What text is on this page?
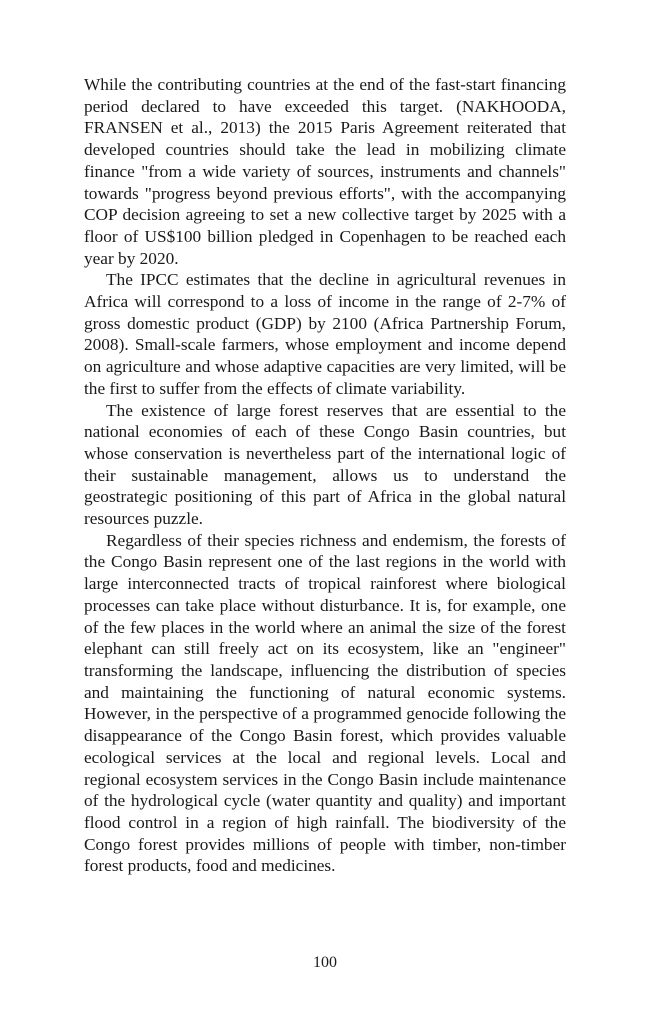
While the contributing countries at the end of the fast-start financing period declared to have exceeded this target. (NAKHOODA, FRANSEN et al., 2013) the 2015 Paris Agreement reiterated that developed countries should take the lead in mobilizing climate finance "from a wide variety of sources, instruments and channels" towards "progress beyond previous efforts", with the accompanying COP decision agreeing to set a new collective target by 2025 with a floor of US$100 billion pledged in Copenhagen to be reached each year by 2020.

The IPCC estimates that the decline in agricultural revenues in Africa will correspond to a loss of income in the range of 2-7% of gross domestic product (GDP) by 2100 (Africa Partnership Forum, 2008). Small-scale farmers, whose employment and income depend on agriculture and whose adaptive capacities are very limited, will be the first to suffer from the effects of climate variability.

The existence of large forest reserves that are essential to the national economies of each of these Congo Basin countries, but whose conservation is nevertheless part of the international logic of their sustainable management, allows us to understand the geostrategic positioning of this part of Africa in the global natural resources puzzle.

Regardless of their species richness and endemism, the forests of the Congo Basin represent one of the last regions in the world with large interconnected tracts of tropical rainforest where biological processes can take place without disturbance. It is, for example, one of the few places in the world where an animal the size of the forest elephant can still freely act on its ecosystem, like an "engineer" transforming the landscape, influencing the distribution of species and maintaining the functioning of natural economic systems. However, in the perspective of a programmed genocide following the disappearance of the Congo Basin forest, which provides valuable ecological services at the local and regional levels. Local and regional ecosystem services in the Congo Basin include maintenance of the hydrological cycle (water quantity and quality) and important flood control in a region of high rainfall. The biodiversity of the Congo forest provides millions of people with timber, non-timber forest products, food and medicines.

100
